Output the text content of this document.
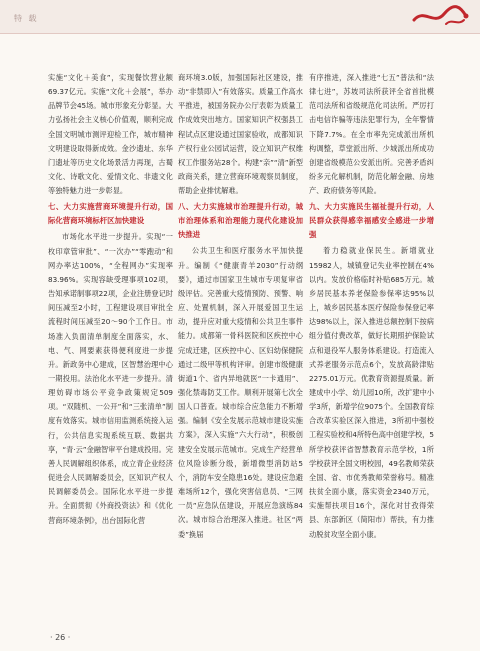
特 载

实施“文化＋美食”，实现餐饮营业额69.37亿元。实施“文化＋会展”，举办品牌节会45场。城市形象充分彰显。大力弘扬社会主义核心价值观，顺利完成全国文明城市测评迎检工作，城市精神文明建设取得新成效。金沙遗址、东华门遗址等历史文化场景活力再现，古蜀文化、诗歌文化、爱情文化、非遗文化等独特魅力进一步彰显。

七、大力实施营商环境提升行动，国际化营商环境标杆区加快建设

市场化水平进一步提升。实现“一枚印章管审批”、“一次办”“零跑动”和网办率达100%，“全程网办”实现率83.96%。实现容缺受理事项102项，告知承诺制事项22项，企业注册登记时间压减至2小时，工程建设项目审批全流程时间压减至20～90个工作日。市场准入负面清单制度全面落实，水、电、气、网要素获得便利度进一步提升。新政务中心建成，区智慧治理中心一期投用。法治化水平进一步提升。清理妨碍市场公平竞争政策规定509项。“双随机、一公开”和“三张清单”制度有效落实。城市信用监测系统接入运行，公共信息实现系统互联、数据共享，“青·云”金融智审平台建成投用。完善人民调解组织体系，成立青企业经济促进会人民调解委员会，区知识产权人民调解委员会。国际化水平进一步提升。全面贯彻《外商投资法》和《优化营商环境条例》，出台国际化营

商环境3.0版，加强国际社区建设，推动“非禁即入”有效落实。质量工作高水平推进，被国务院办公厅表彰为质量工作成效突出地方。国家知识产权强县工程试点区建设通过国家验收，成都知识产权行业公园试运营，设立知识产权维权工作服务站28个。构建“亲”“清”新型政商关系，建立营商环境观察员制度，帮助企业排忧解难。

八、大力实施城市治理提升行动，城市治理体系和治理能力现代化建设加快推进

公共卫生和医疗服务水平加快提升。编制《“健康青羊2030”行动纲要》，通过市国家卫生城市专项复审省级评估。完善重大疫情预防、预警、响应、处置机制，深入开展爱国卫生运动，提升应对重大疫情和公共卫生事件能力。成都第一骨科医院和区疾控中心完成迁建，区疾控中心、区妇幼保健院通过二级甲等机构评审。创建市级健康街道1个、省内异地就医“一卡通用”、强化禁毒防艾工作。顺利开展第七次全国人口普查。城市综合应急能力不断增强。编制《安全发展示范城市建设实施方案》，深入实施“六大行动”，积极创建安全发展示范城市。完成生产经营单位风险诊断分级，新增微型消防站5个，消防车安全隐患16处。建设应急避难场所12个，强化突害信息员、“三网一员”应急队伍建设，开展应急演练84次。城市综合治理深入推进。社区“两委”换届

有序推进，深入推进“七五”普法和“法律七进”，苏坡司法所获评全省首批模范司法所和省级规范化司法所。严厉打击电信诈骗等违法犯罪行为，全年警情下降7.7%。在全市率先完成派出所机构调整，草堂派出所、少城派出所成功创建省级模范公安派出所。完善矛盾纠纷多元化解机制，防范化解金融、房地产、政府债务等风险。

九、大力实施民生福祉提升行动，人民群众获得感幸福感安全感进一步增强

着力稳就业保民生。新增就业15982人，城镇登记失业率控制在4%以内。发放价格临时补贴685万元。城乡居民基本养老保险参保率达95%以上，城乡居民基本医疗保险参保登记率达98%以上，深入推进总额控制下按病组分值付费改革，做好长期照护保险试点和退役军人服务体系建设。打造流入式养老服务示范点6个，发放高龄津贴2275.01万元。优教育资源提质量。新建成中小学、幼儿园10所，改扩建中小学3所，新增学位9075个。全国教育综合改革实验区深入推进，3所初中强校工程实验校和4所特色高中创建学校，5所学校获评省智慧教育示范学校，1所学校获评全国文明校园，49名教师荣获全国、省、市优秀教师荣誉称号。精准扶贫全面小康，落实资金2340万元，实施帮扶项目16个，深化对甘孜得荣县、东部新区（简阳市）帮扶，有力推动脱贫攻坚全面小康。

· 26 ·
